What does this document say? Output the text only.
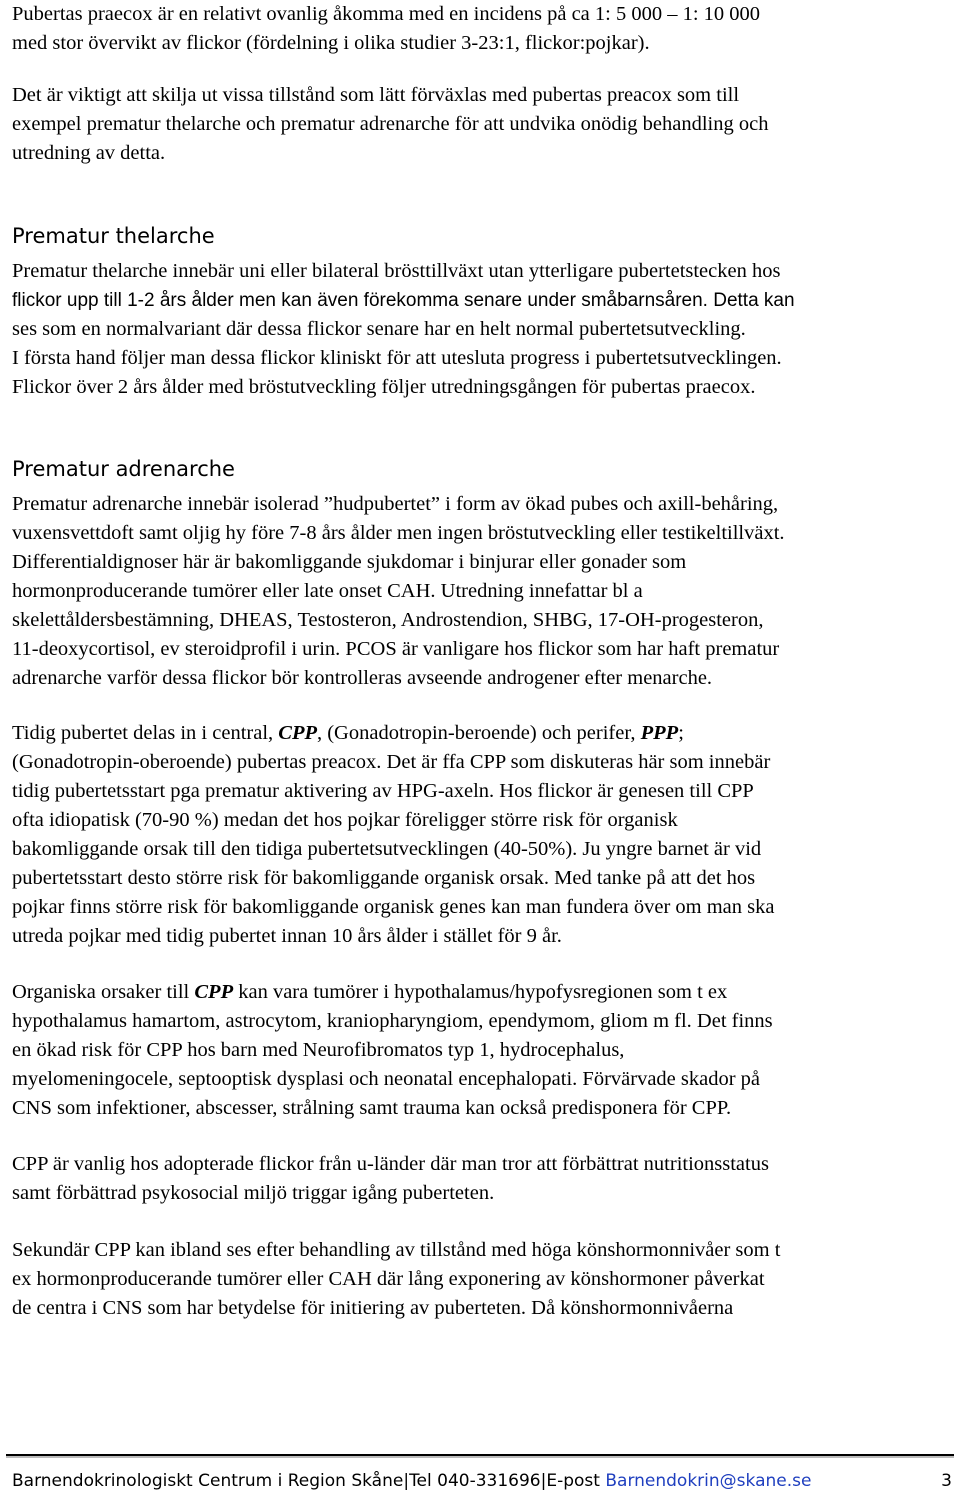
Pubertas praecox är en relativt ovanlig åkomma med en incidens på ca 1: 5 000 – 1: 10 000
med stor övervikt av flickor (fördelning i olika studier 3-23:1, flickor:pojkar).

Det är viktigt att skilja ut vissa tillstånd som lätt förväxlas med pubertas preacox som till
exempel prematur thelarche och prematur adrenarche för att undvika onödig behandling och
utredning av detta.

Prematur thelarche

Prematur thelarche innebär uni eller bilateral brösttillväxt utan ytterligare pubertetstecken hos
flickor upp till 1-2 års ålder men kan även förekomma senare under småbarnsåren. Detta kan
ses som en normalvariant där dessa flickor senare har en helt normal pubertetsutveckling.
I första hand följer man dessa flickor kliniskt för att utesluta progress i pubertetsutvecklingen.
Flickor över 2 års ålder med bröstutveckling följer utredningsgången för pubertas praecox.

Prematur adrenarche

Prematur adrenarche innebär isolerad ”hudpubertet” i form av ökad pubes och axill-behåring,
vuxensvettdoft samt oljig hy före 7-8 års ålder men ingen bröstutveckling eller testikeltillväxt.
Differentialdignoser här är bakomliggande sjukdomar i binjurar eller gonader som
hormonproducerande tumörer eller late onset CAH. Utredning innefattar bl a
skelettåldersbestämning, DHEAS, Testosteron, Androstendion, SHBG, 17-OH-progesteron,
11-deoxycortisol, ev steroidprofil i urin. PCOS är vanligare hos flickor som har haft prematur
adrenarche varför dessa flickor bör kontrolleras avseende androgener efter menarche.

Tidig pubertet delas in i central, CPP, (Gonadotropin-beroende) och perifer, PPP;
(Gonadotropin-oberoende) pubertas preacox. Det är ffa CPP som diskuteras här som innebär
tidig pubertetsstart pga prematur aktivering av HPG-axeln. Hos flickor är genesen till CPP
ofta idiopatisk (70-90 %) medan det hos pojkar föreligger större risk för organisk
bakomliggande orsak till den tidiga pubertetsutvecklingen (40-50%). Ju yngre barnet är vid
pubertetsstart desto större risk för bakomliggande organisk orsak. Med tanke på att det hos
pojkar finns större risk för bakomliggande organisk genes kan man fundera över om man ska
utreda pojkar med tidig pubertet innan 10 års ålder i stället för 9 år.

Organiska orsaker till CPP kan vara tumörer i hypothalamus/hypofysregionen som t ex
hypothalamus hamartom, astrocytom, kraniopharyngiom, ependymom, gliom m fl. Det finns
en ökad risk för CPP hos barn med Neurofibromatos typ 1, hydrocephalus,
myelomeningocele, septooptisk dysplasi och neonatal encephalopati. Förvärvade skador på
CNS som infektioner, abscesser, strålning samt trauma kan också predisponera för CPP.

CPP är vanlig hos adopterade flickor från u-länder där man tror att förbättrat nutritionsstatus
samt förbättrad psykosocial miljö triggar igång puberteten.

Sekundär CPP kan ibland ses efter behandling av tillstånd med höga könshormonnivåer som t
ex hormonproducerande tumörer eller CAH där lång exponering av könshormoner påverkat
de centra i CNS som har betydelse för initiering av puberteten. Då könshormonnivåerna

Barnendokrinologiskt Centrum i Region Skåne|Tel 040-331696|E-post Barnendokrin@skane.se	3
